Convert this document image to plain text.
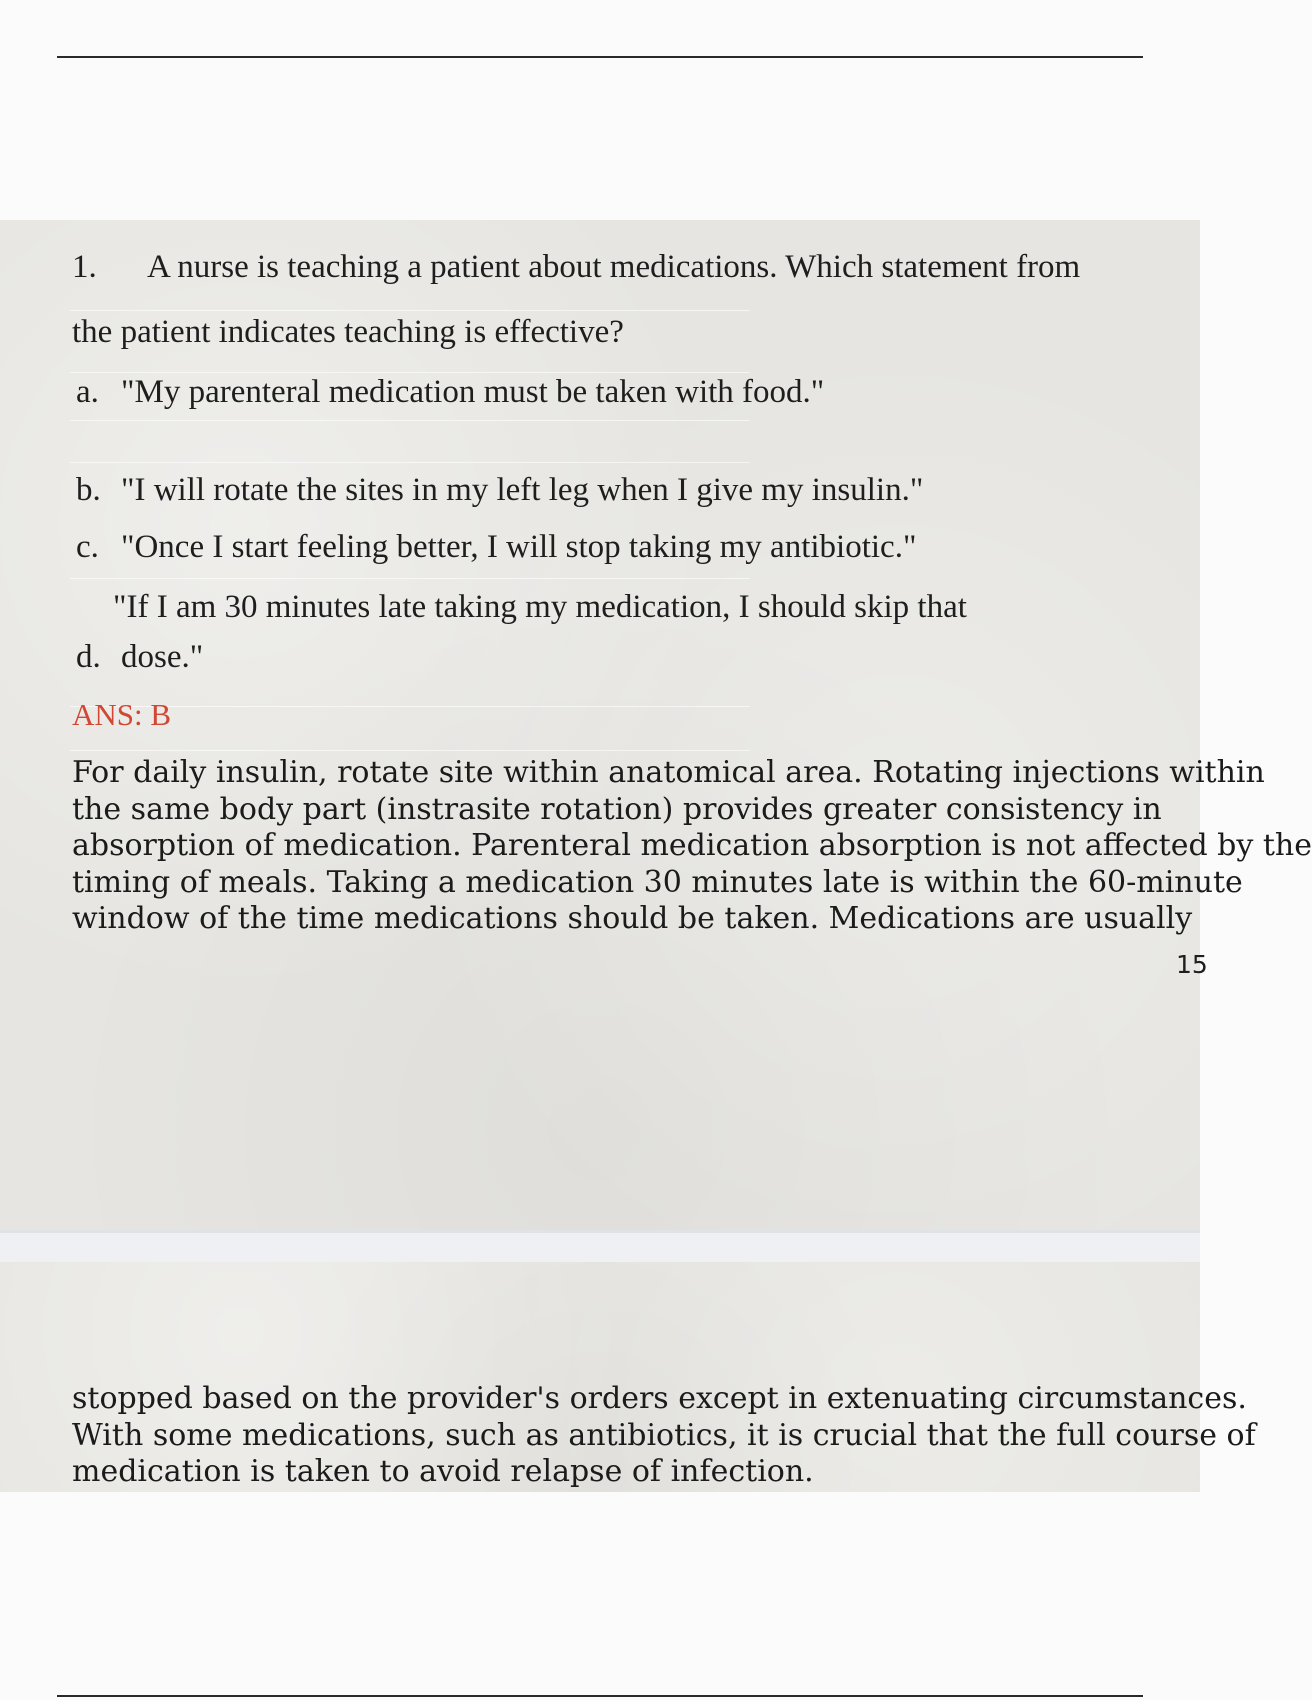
1. A nurse is teaching a patient about medications. Which statement from
the patient indicates teaching is effective?
a. "My parenteral medication must be taken with food."
b. "I will rotate the sites in my left leg when I give my insulin."
c. "Once I start feeling better, I will stop taking my antibiotic."
"If I am 30 minutes late taking my medication, I should skip that
d. dose."
ANS: B
For daily insulin, rotate site within anatomical area. Rotating injections within
the same body part (instrasite rotation) provides greater consistency in
absorption of medication. Parenteral medication absorption is not affected by the
timing of meals. Taking a medication 30 minutes late is within the 60-minute
window of the time medications should be taken. Medications are usually
15
stopped based on the provider's orders except in extenuating circumstances.
With some medications, such as antibiotics, it is crucial that the full course of
medication is taken to avoid relapse of infection.
